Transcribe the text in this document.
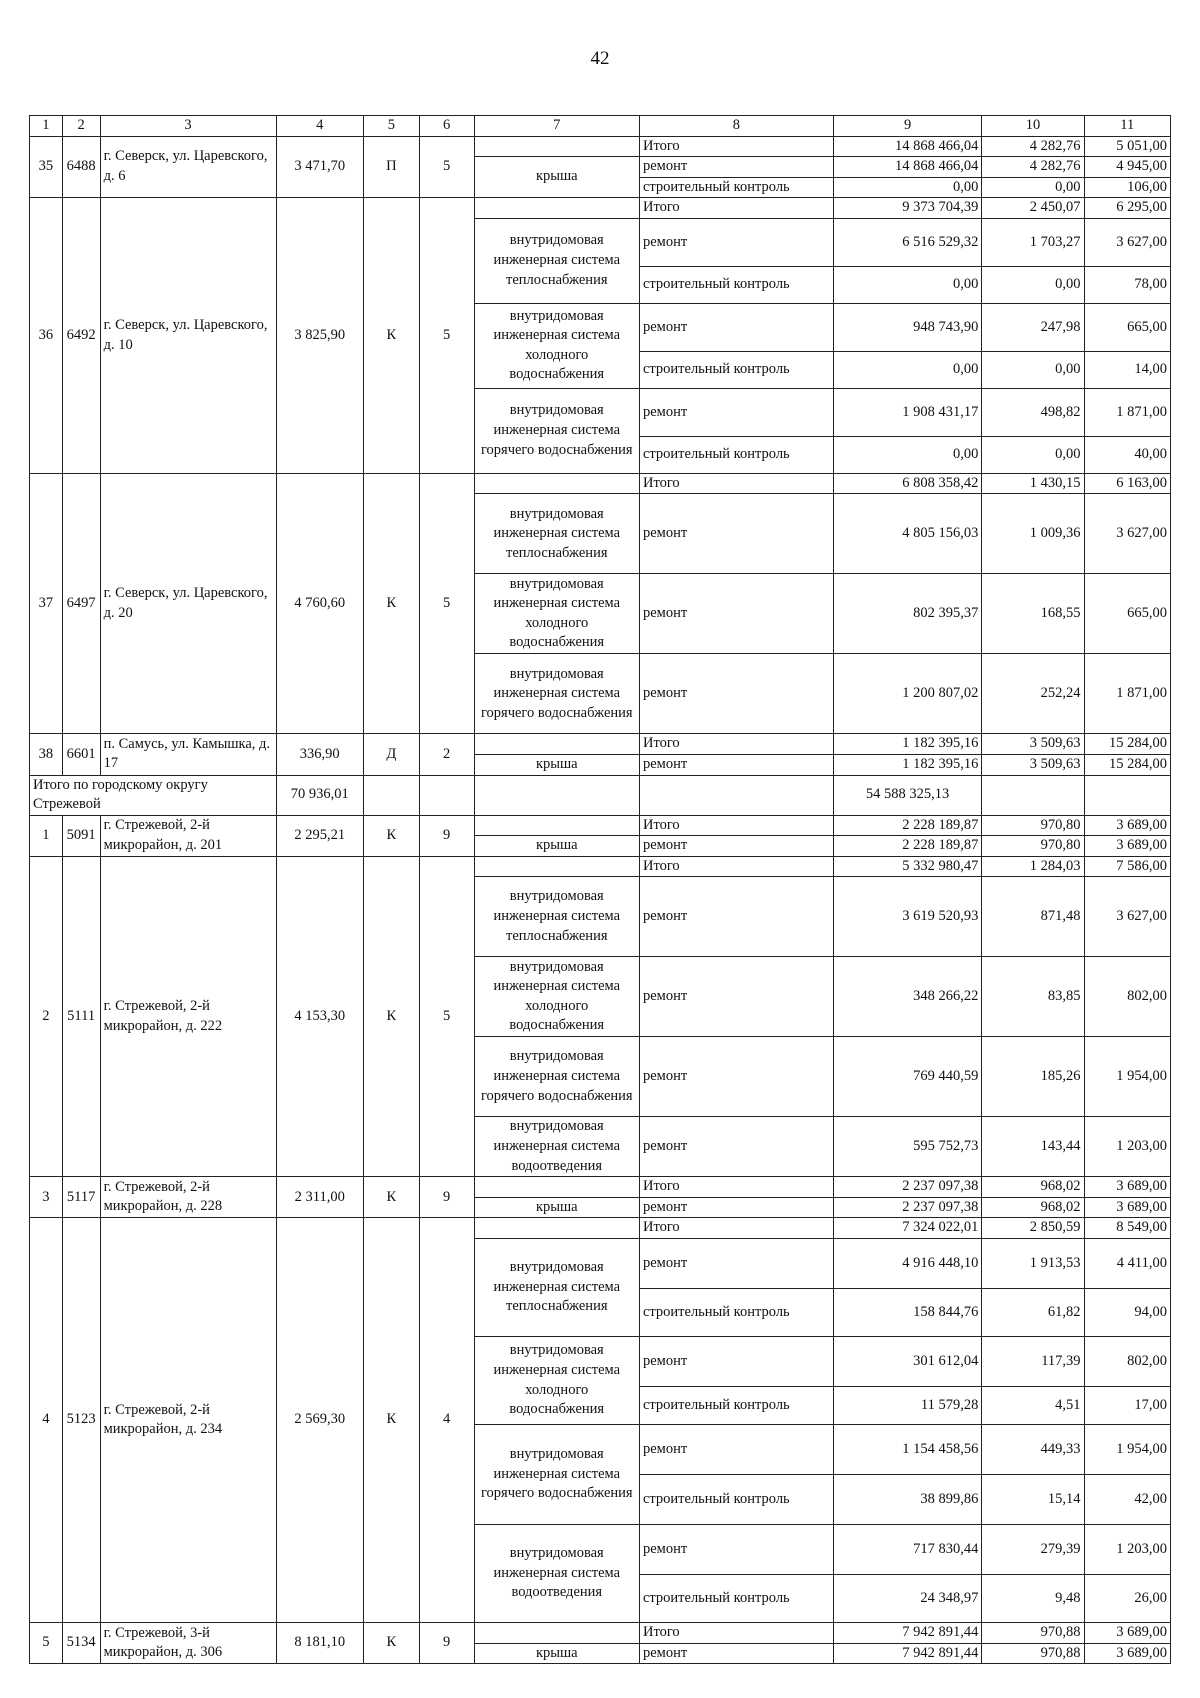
42
1	2	3	4	5	6	7	8	9	10	11
35	6488	г. Северск, ул. Царевского, д. 6	3 471,70	П	5		Итого	14 868 466,04	4 282,76	5 051,00
						крыша	ремонт	14 868 466,04	4 282,76	4 945,00
							строительный контроль	0,00	0,00	106,00
36	6492	г. Северск, ул. Царевского, д. 10	3 825,90	К	5		Итого	9 373 704,39	2 450,07	6 295,00
						внутридомовая инженерная система теплоснабжения	ремонт	6 516 529,32	1 703,27	3 627,00
							строительный контроль	0,00	0,00	78,00
						внутридомовая инженерная система холодного водоснабжения	ремонт	948 743,90	247,98	665,00
							строительный контроль	0,00	0,00	14,00
						внутридомовая инженерная система горячего водоснабжения	ремонт	1 908 431,17	498,82	1 871,00
							строительный контроль	0,00	0,00	40,00
37	6497	г. Северск, ул. Царевского, д. 20	4 760,60	К	5		Итого	6 808 358,42	1 430,15	6 163,00
						внутридомовая инженерная система теплоснабжения	ремонт	4 805 156,03	1 009,36	3 627,00
						внутридомовая инженерная система холодного водоснабжения	ремонт	802 395,37	168,55	665,00
						внутридомовая инженерная система горячего водоснабжения	ремонт	1 200 807,02	252,24	1 871,00
38	6601	п. Самусь, ул. Камышка, д. 17	336,90	Д	2		Итого	1 182 395,16	3 509,63	15 284,00
						крыша	ремонт	1 182 395,16	3 509,63	15 284,00
Итого по городскому округу Стрежевой			70 936,01					54 588 325,13		
1	5091	г. Стрежевой, 2-й микрорайон, д. 201	2 295,21	К	9		Итого	2 228 189,87	970,80	3 689,00
						крыша	ремонт	2 228 189,87	970,80	3 689,00
2	5111	г. Стрежевой, 2-й микрорайон, д. 222	4 153,30	К	5		Итого	5 332 980,47	1 284,03	7 586,00
						внутридомовая инженерная система теплоснабжения	ремонт	3 619 520,93	871,48	3 627,00
						внутридомовая инженерная система холодного водоснабжения	ремонт	348 266,22	83,85	802,00
						внутридомовая инженерная система горячего водоснабжения	ремонт	769 440,59	185,26	1 954,00
						внутридомовая инженерная система водоотведения	ремонт	595 752,73	143,44	1 203,00
3	5117	г. Стрежевой, 2-й микрорайон, д. 228	2 311,00	К	9		Итого	2 237 097,38	968,02	3 689,00
						крыша	ремонт	2 237 097,38	968,02	3 689,00
4	5123	г. Стрежевой, 2-й микрорайон, д. 234	2 569,30	К	4		Итого	7 324 022,01	2 850,59	8 549,00
						внутридомовая инженерная система теплоснабжения	ремонт	4 916 448,10	1 913,53	4 411,00
							строительный контроль	158 844,76	61,82	94,00
						внутридомовая инженерная система холодного водоснабжения	ремонт	301 612,04	117,39	802,00
							строительный контроль	11 579,28	4,51	17,00
						внутридомовая инженерная система горячего водоснабжения	ремонт	1 154 458,56	449,33	1 954,00
							строительный контроль	38 899,86	15,14	42,00
						внутридомовая инженерная система водоотведения	ремонт	717 830,44	279,39	1 203,00
							строительный контроль	24 348,97	9,48	26,00
5	5134	г. Стрежевой, 3-й микрорайон, д. 306	8 181,10	К	9		Итого	7 942 891,44	970,88	3 689,00
						крыша	ремонт	7 942 891,44	970,88	3 689,00
